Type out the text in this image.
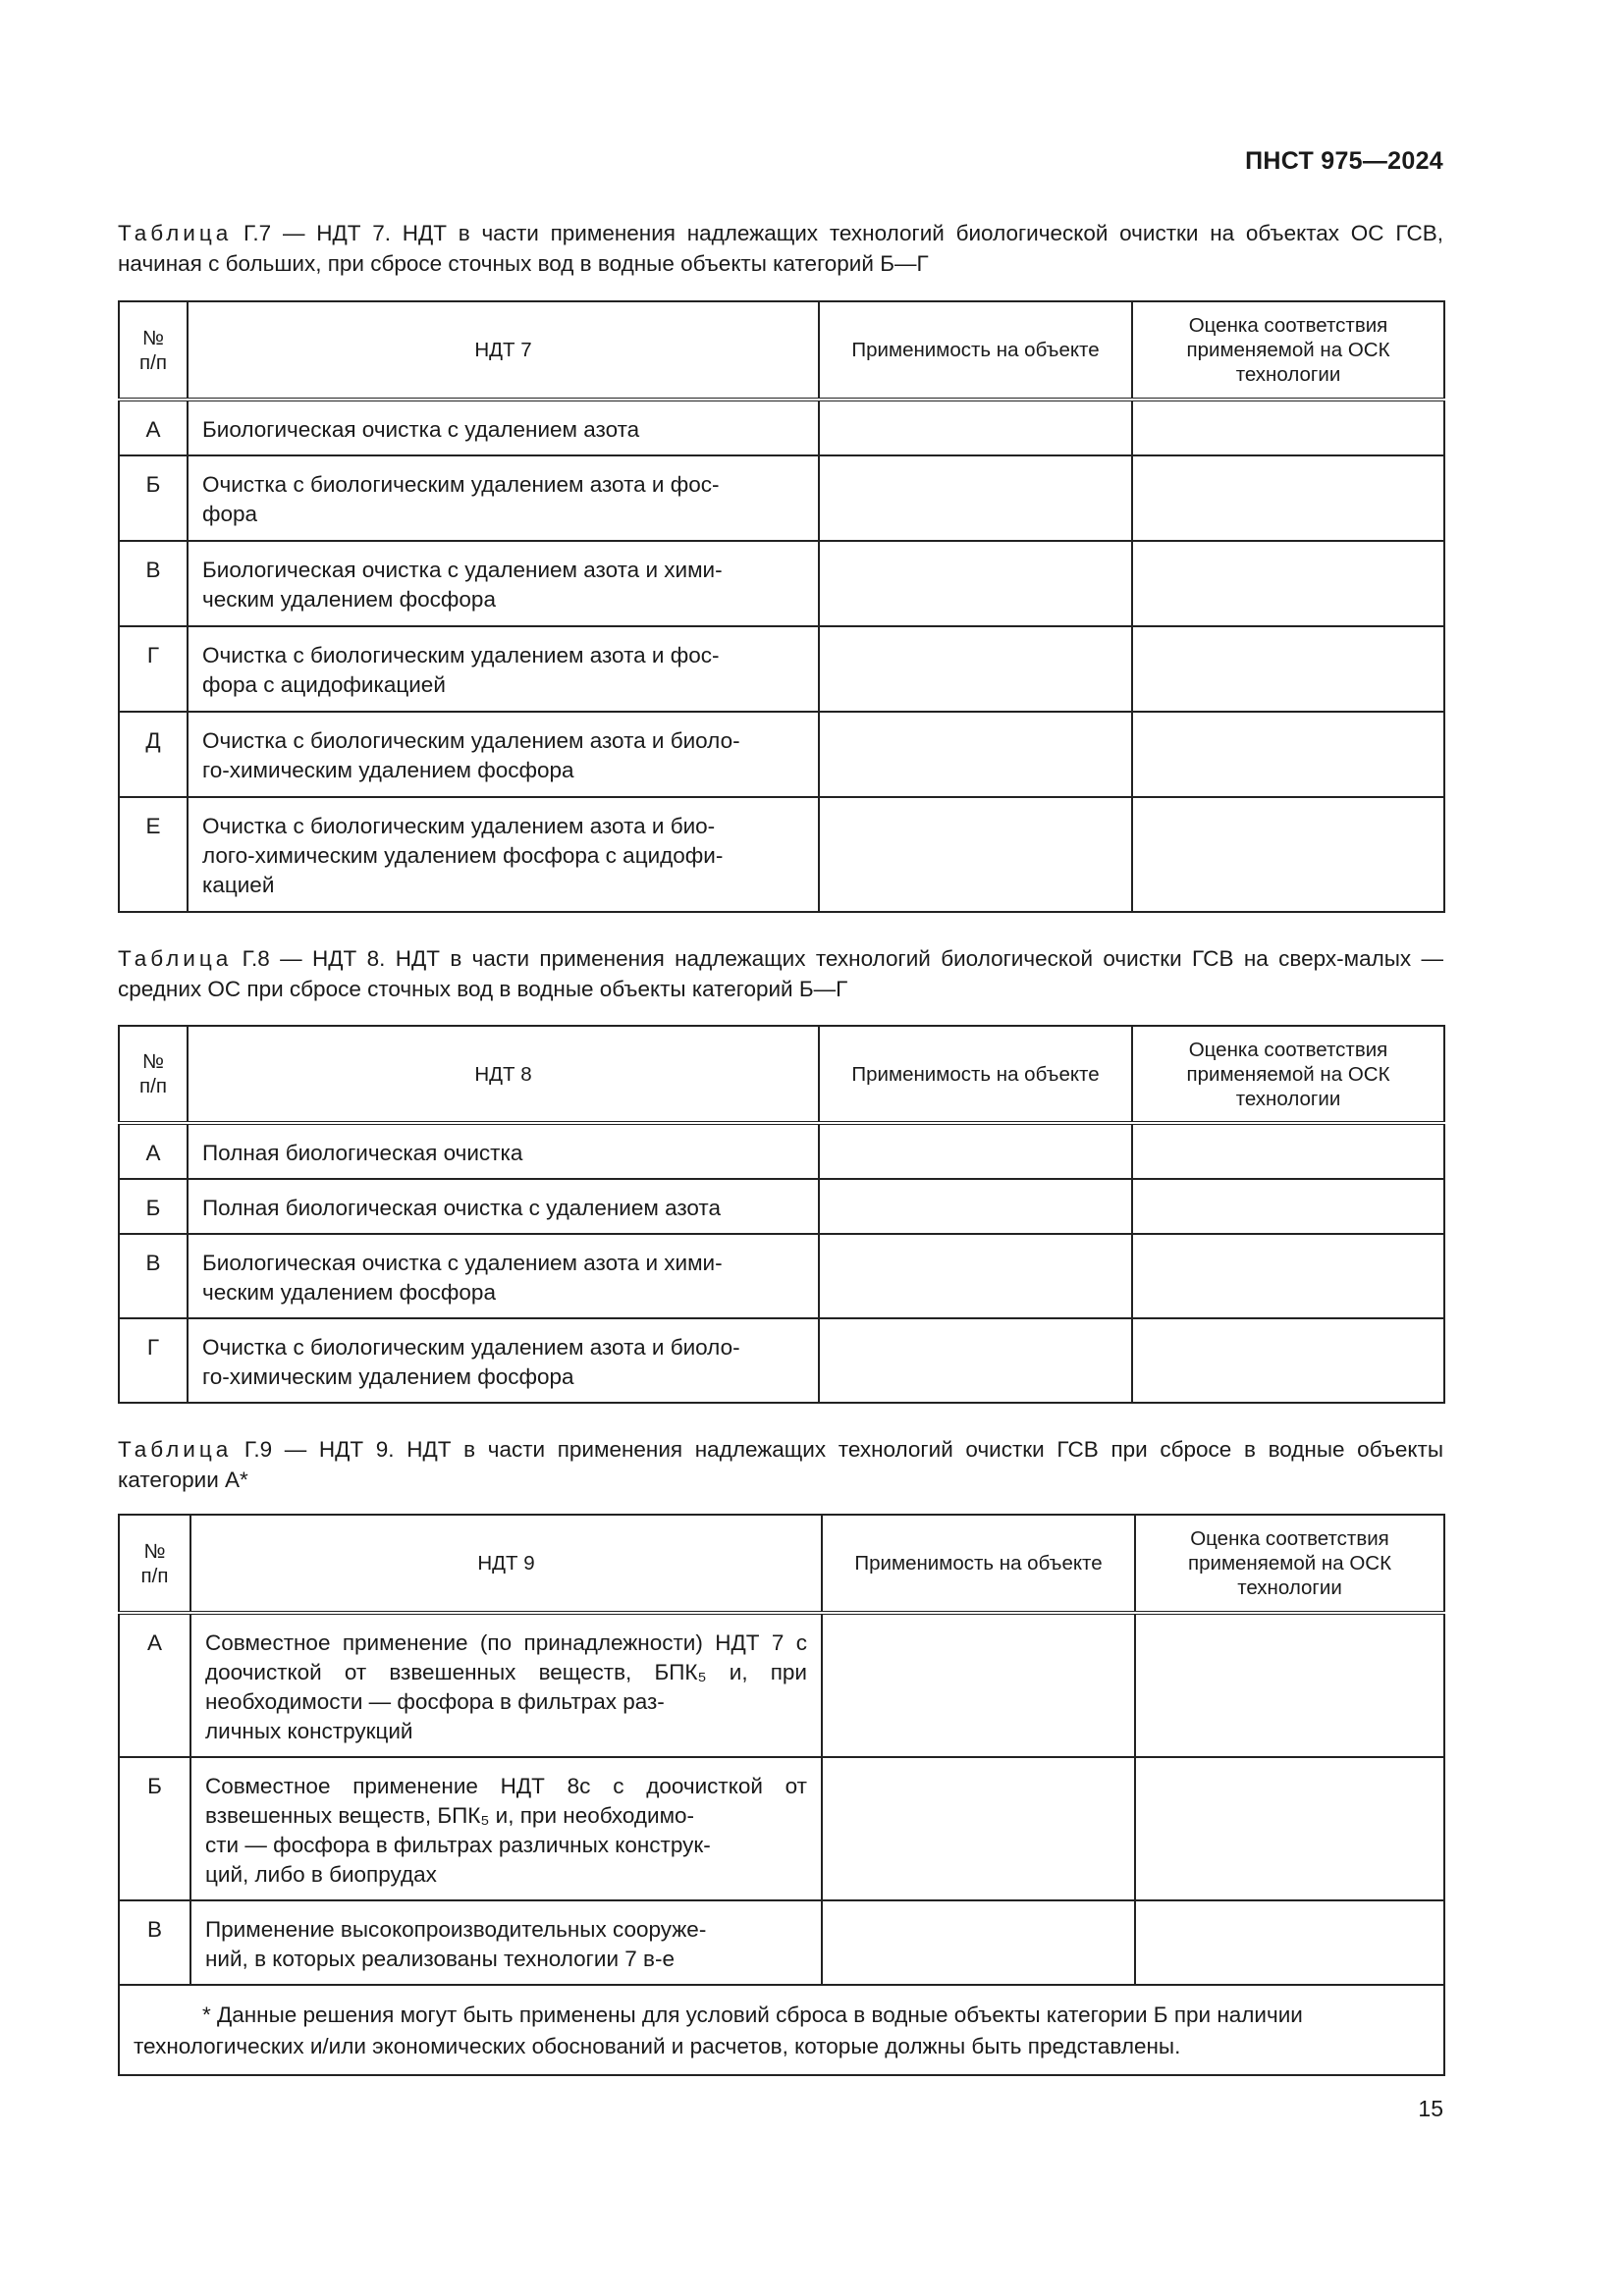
ПНСТ 975—2024
Таблица Г.7 — НДТ 7. НДТ в части применения надлежащих технологий биологической очистки на объектах ОС ГСВ, начиная с больших, при сбросе сточных вод в водные объекты категорий Б—Г
№
п/п	НДТ 7	Применимость на объекте	Оценка соответствия применяемой на ОСК технологии
А	Биологическая очистка с удалением азота		
Б	Очистка с биологическим удалением азота и фос-
фора		
В	Биологическая очистка с удалением азота и хими-
ческим удалением фосфора		
Г	Очистка с биологическим удалением азота и фос-
фора с ацидофикацией		
Д	Очистка с биологическим удалением азота и биоло-
го-химическим удалением фосфора		
Е	Очистка с биологическим удалением азота и био-
лого-химическим удалением фосфора с ацидофи-
кацией		
Таблица Г.8 — НДТ 8. НДТ в части применения надлежащих технологий биологической очистки ГСВ на сверх-малых — средних ОС при сбросе сточных вод в водные объекты категорий Б—Г
№
п/п	НДТ 8	Применимость на объекте	Оценка соответствия применяемой на ОСК технологии
А	Полная биологическая очистка		
Б	Полная биологическая очистка с удалением азота		
В	Биологическая очистка с удалением азота и хими-
ческим удалением фосфора		
Г	Очистка с биологическим удалением азота и биоло-
го-химическим удалением фосфора		
Таблица Г.9 — НДТ 9. НДТ в части применения надлежащих технологий очистки ГСВ при сбросе в водные объекты категории А*
№
п/п	НДТ 9	Применимость на объекте	Оценка соответствия применяемой на ОСК технологии
А	Совместное применение (по принадлежности) НДТ 7 с доочисткой от взвешенных веществ, БПК₅ и, при необходимости — фосфора в фильтрах раз-
личных конструкций		
Б	Совместное применение НДТ 8с с доочисткой от взвешенных веществ, БПК₅ и, при необходимо-
сти — фосфора в фильтрах различных конструк-
ций, либо в биопрудах		
В	Применение высокопроизводительных сооруже-
ний, в которых реализованы технологии 7 в-е		

* Данные решения могут быть применены для условий сброса в водные объекты категории Б при наличии технологических и/или экономических обоснований и расчетов, которые должны быть представлены.			
15
